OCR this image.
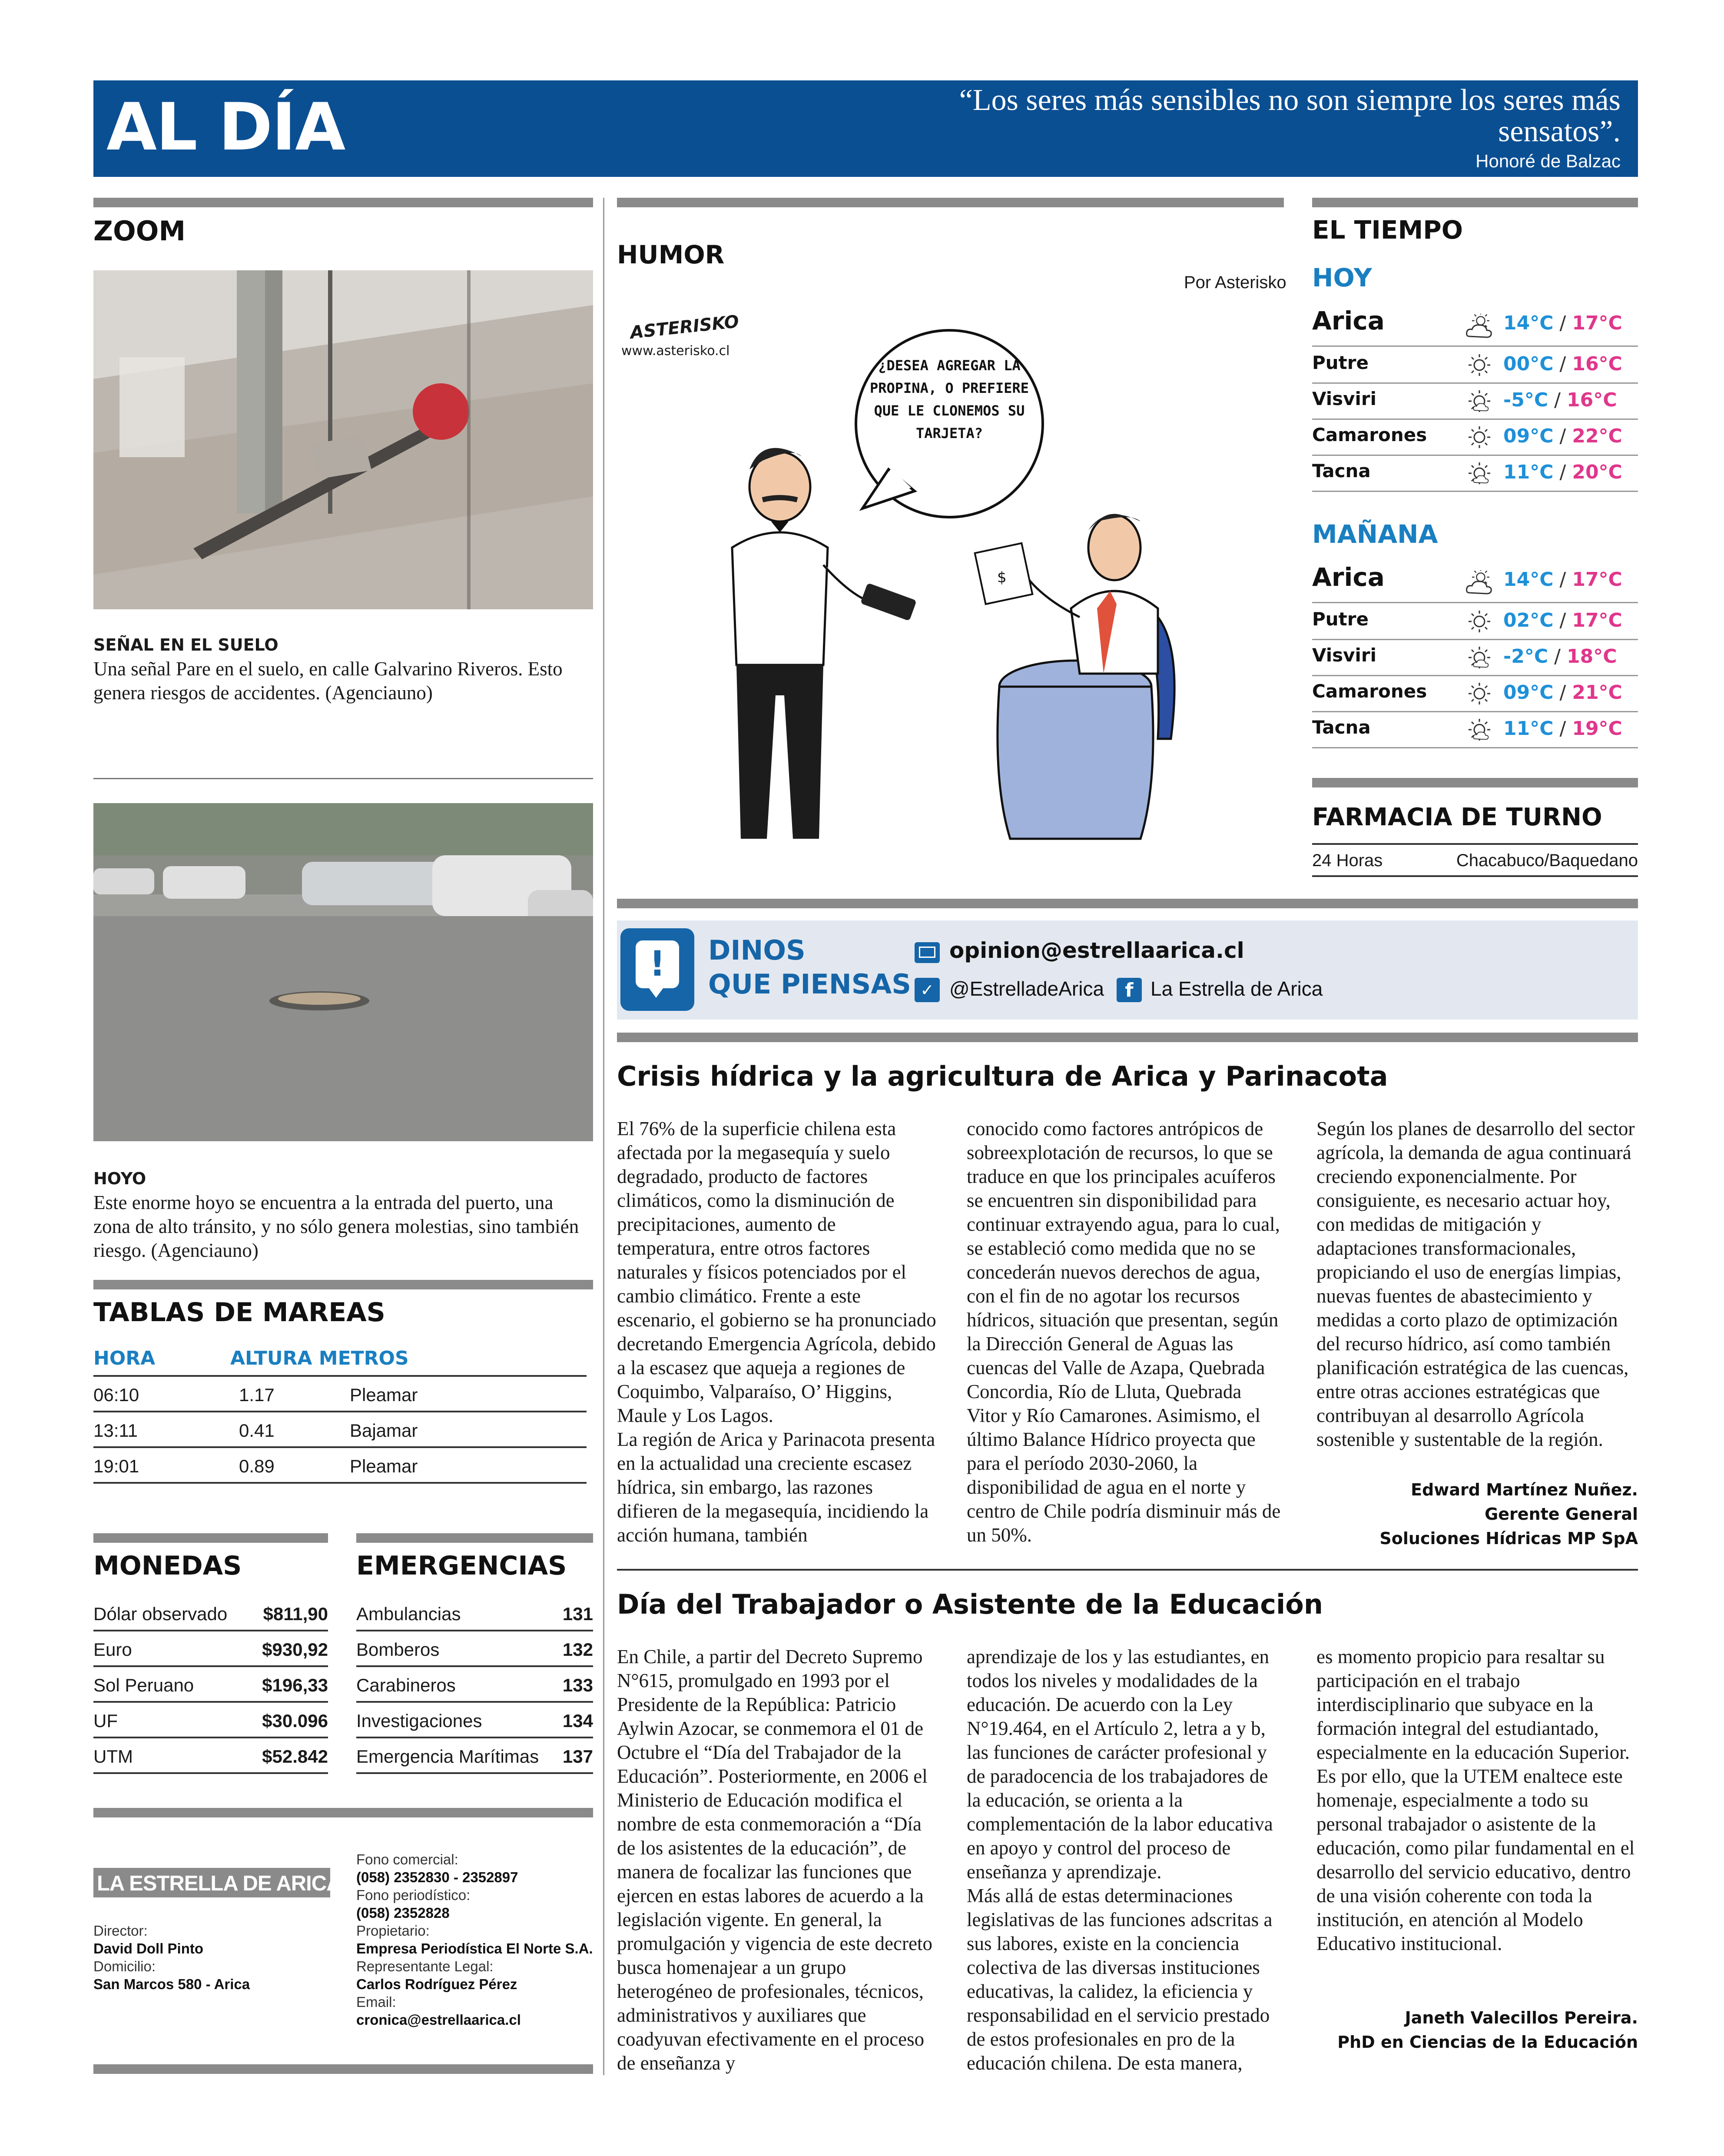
AL DÍA	“Los seres más sensibles no son siempre los seres más sensatos”.
Honoré de Balzac
ZOOM
SEÑAL EN EL SUELO
Una señal Pare en el suelo, en calle Galvarino Riveros. Esto genera riesgos de accidentes. (Agenciauno)
HOYO
Este enorme hoyo se encuentra a la entrada del puerto, una zona de alto tránsito, y no sólo genera molestias, sino también riesgo. (Agenciauno)
TABLAS DE MAREAS
HORA	ALTURA METROS
06:10	1.17	Pleamar
13:11	0.41	Bajamar
19:01	0.89	Pleamar
MONEDAS
Dólar observado $811,90
Euro	$930,92
Sol Peruano	$196,33
UF	$30.096
UTM	$52.842
EMERGENCIAS
Ambulancias	131
Bomberos	132
Carabineros	133
Investigaciones	134
Emergencia Marítimas 137
LA ESTRELLA DE ARICA
Director:
David Doll Pinto
Domicilio:
San Marcos 580 - Arica
Fono comercial:
(058) 2352830 - 2352897
Fono periodístico:
(058) 2352828
Propietario:
Empresa Periodística El Norte S.A.
Representante Legal:
Carlos Rodríguez Pérez
Email:
cronica@estrellaarica.cl
HUMOR
Por Asterisko
ASTERISKO
www.asterisko.cl
$
¿DESEA AGREGAR LA PROPINA, O PREFIERE QUE LE CLONEMOS SU TARJETA?
EL TIEMPO
HOY
Arica	14°C / 17°C
Putre	00°C / 16°C
Visviri	-5°C / 16°C
Camarones	09°C / 22°C
Tacna	11°C / 20°C
MAÑANA
Arica	14°C / 17°C
Putre	02°C / 17°C
Visviri	-2°C / 18°C
Camarones	09°C / 21°C
Tacna	11°C / 19°C
FARMACIA DE TURNO
24 Horas	Chacabuco/Baquedano
!	DINOS
QUE PIENSAS
opinion@estrellaarica.cl
✓ @EstrelladeArica	f La Estrella de Arica
Crisis hídrica y la agricultura de Arica y Parinacota

El 76% de la superficie chilena esta afectada por la megasequía y suelo degradado, producto de factores climáticos, como la disminución de precipitaciones, aumento de temperatura, entre otros factores naturales y físicos potenciados por el cambio climático. Frente a este escenario, el gobierno se ha pronunciado decretando Emergencia Agrícola, debido a la escasez que aqueja a regiones de Coquimbo, Valparaíso, O’ Higgins, Maule y Los Lagos.

La región de Arica y Parinacota presenta en la actualidad una creciente escasez hídrica, sin embargo, las razones difieren de la megasequía, incidiendo la acción humana, también

conocido como factores antrópicos de sobreexplotación de recursos, lo que se traduce en que los principales acuíferos se encuentren sin disponibilidad para continuar extrayendo agua, para lo cual, se estableció como medida que no se concederán nuevos derechos de agua, con el fin de no agotar los recursos hídricos, situación que presentan, según la Dirección General de Aguas las cuencas del Valle de Azapa, Quebrada Concordia, Río de Lluta, Quebrada Vitor y Río Camarones. Asimismo, el último Balance Hídrico proyecta que para el período 2030-2060, la disponibilidad de agua en el norte y centro de Chile podría disminuir más de un 50%.

Según los planes de desarrollo del sector agrícola, la demanda de agua continuará creciendo exponencialmente. Por consiguiente, es necesario actuar hoy, con medidas de mitigación y adaptaciones transformacionales, propiciando el uso de energías limpias, nuevas fuentes de abastecimiento y medidas a corto plazo de optimización del recurso hídrico, así como también planificación estratégica de las cuencas, entre otras acciones estratégicas que contribuyan al desarrollo Agrícola sostenible y sustentable de la región.

Edward Martínez Nuñez.
Gerente General
Soluciones Hídricas MP SpA
Día del Trabajador o Asistente de la Educación

En Chile, a partir del Decreto Supremo N°615, promulgado en 1993 por el Presidente de la República: Patricio Aylwin Azocar, se conmemora el 01 de Octubre el “Día del Trabajador de la Educación”. Posteriormente, en 2006 el Ministerio de Educación modifica el nombre de esta conmemoración a “Día de los asistentes de la educación”, de manera de focalizar las funciones que ejercen en estas labores de acuerdo a la legislación vigente. En general, la promulgación y vigencia de este decreto busca homenajear a un grupo heterogéneo de profesionales, técnicos, administrativos y auxiliares que coadyuvan efectivamente en el proceso de enseñanza y

aprendizaje de los y las estudiantes, en todos los niveles y modalidades de la educación. De acuerdo con la Ley N°19.464, en el Artículo 2, letra a y b, las funciones de carácter profesional y de paradocencia de los trabajadores de la educación, se orienta a la complementación de la labor educativa en apoyo y control del proceso de enseñanza y aprendizaje.

Más allá de estas determinaciones legislativas de las funciones adscritas a sus labores, existe en la conciencia colectiva de las diversas instituciones educativas, la calidez, la eficiencia y responsabilidad en el servicio prestado de estos profesionales en pro de la educación chilena. De esta manera,

es momento propicio para resaltar su participación en el trabajo interdisciplinario que subyace en la formación integral del estudiantado, especialmente en la educación Superior. Es por ello, que la UTEM enaltece este homenaje, especialmente a todo su personal trabajador o asistente de la educación, como pilar fundamental en el desarrollo del servicio educativo, dentro de una visión coherente con toda la institución, en atención al Modelo Educativo institucional.

Janeth Valecillos Pereira.
PhD en Ciencias de la Educación
